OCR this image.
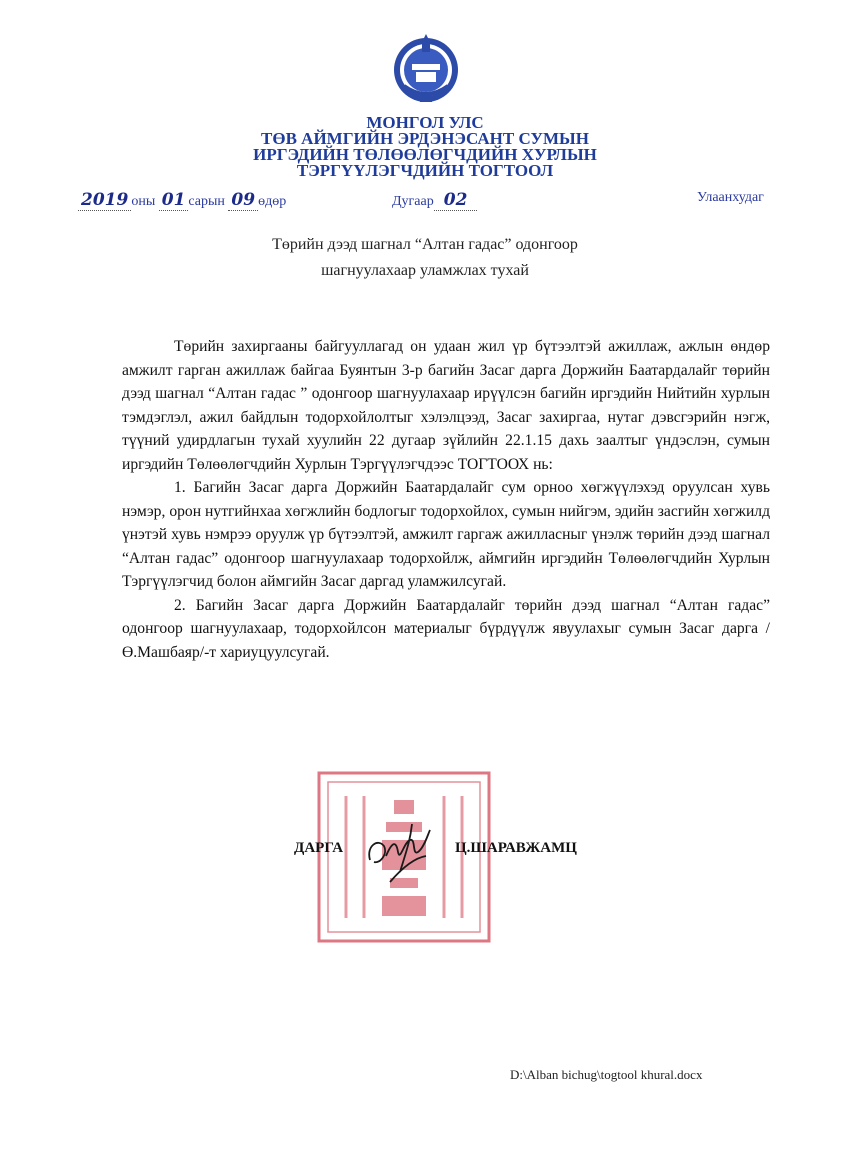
МОНГОЛ УЛС
ТӨВ АЙМГИЙН ЭРДЭНЭСАНТ СУМЫН
ИРГЭДИЙН ТӨЛӨӨЛӨГЧДИЙН ХУРЛЫН
ТЭРГҮҮЛЭГЧДИЙН ТОГТООЛ
2019 оны 01 сарын 09 өдөр	Дугаар 02	Улаанхудаг
Төрийн дээд шагнал “Алтан гадас” одонгоор
шагнуулахаар уламжлах тухай

Төрийн захиргааны байгууллагад он удаан жил үр бүтээлтэй ажиллаж, ажлын өндөр амжилт гарган ажиллаж байгаа Буянтын 3-р багийн Засаг дарга Доржийн Баатардалайг төрийн дээд шагнал “Алтан гадас ” одонгоор шагнуулахаар ирүүлсэн багийн иргэдийн Нийтийн хурлын тэмдэглэл, ажил байдлын тодорхойлолтыг хэлэлцээд, Засаг захиргаа, нутаг дэвсгэрийн нэгж, түүний удирдлагын тухай хуулийн 22 дугаар зүйлийн 22.1.15 дахь заалтыг үндэслэн, сумын иргэдийн Төлөөлөгчдийн Хурлын Тэргүүлэгчдээс ТОГТООХ нь:

1. Багийн Засаг дарга Доржийн Баатардалайг сум орноо хөгжүүлэхэд оруулсан хувь нэмэр, орон нутгийнхаа хөгжлийн бодлогыг тодорхойлох, сумын нийгэм, эдийн засгийн хөгжилд үнэтэй хувь нэмрээ оруулж үр бүтээлтэй, амжилт гаргаж ажилласныг үнэлж төрийн дээд шагнал “Алтан гадас” одонгоор шагнуулахаар тодорхойлж, аймгийн иргэдийн Төлөөлөгчдийн Хурлын Тэргүүлэгчид болон аймгийн Засаг даргад уламжилсугай.

2. Багийн Засаг дарга Доржийн Баатардалайг төрийн дээд шагнал “Алтан гадас” одонгоор шагнуулахаар, тодорхойлсон материалыг бүрдүүлж явуулахыг сумын Засаг дарга /Ө.Машбаяр/-т хариуцуулсугай.

ДАРГА	Ц.ШАРАВЖАМЦ
D:\Alban bichug\togtool khural.docx
